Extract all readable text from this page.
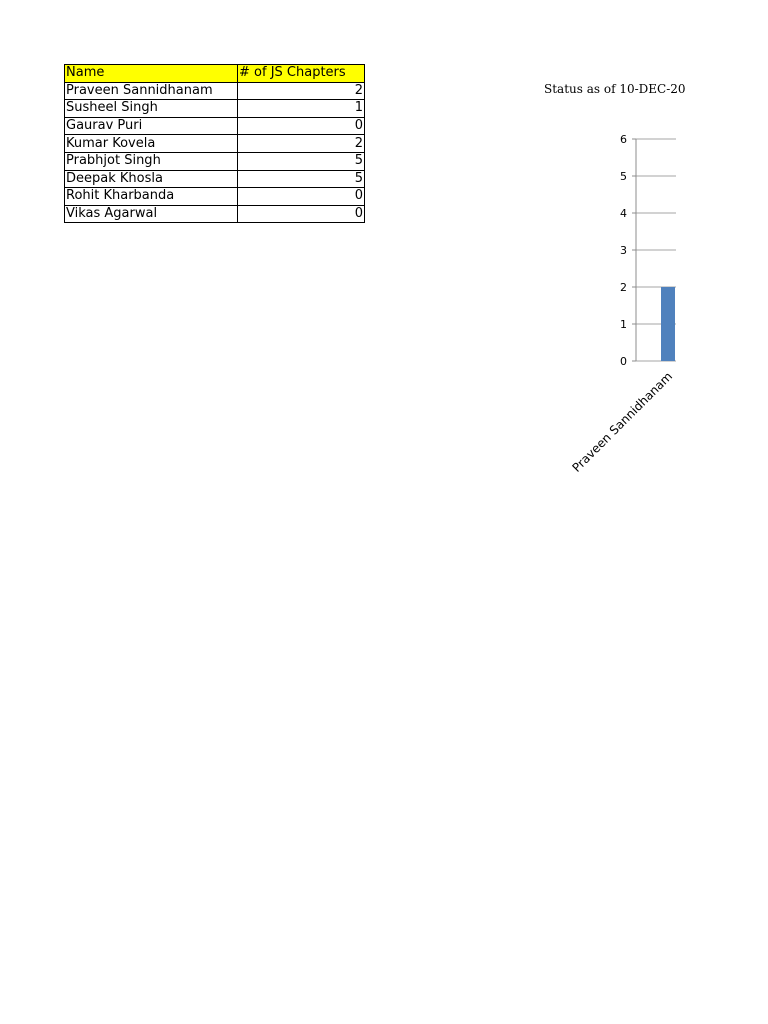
Name	# of JS Chapters
Praveen Sannidhanam	2
Susheel Singh	1
Gaurav Puri	0
Kumar Kovela	2
Prabhjot Singh	5
Deepak Khosla	5
Rohit Kharbanda	0
Vikas Agarwal	0
Status as of 10-DEC-20
0
1
2
3
4
5
6
Praveen Sannidhanam
